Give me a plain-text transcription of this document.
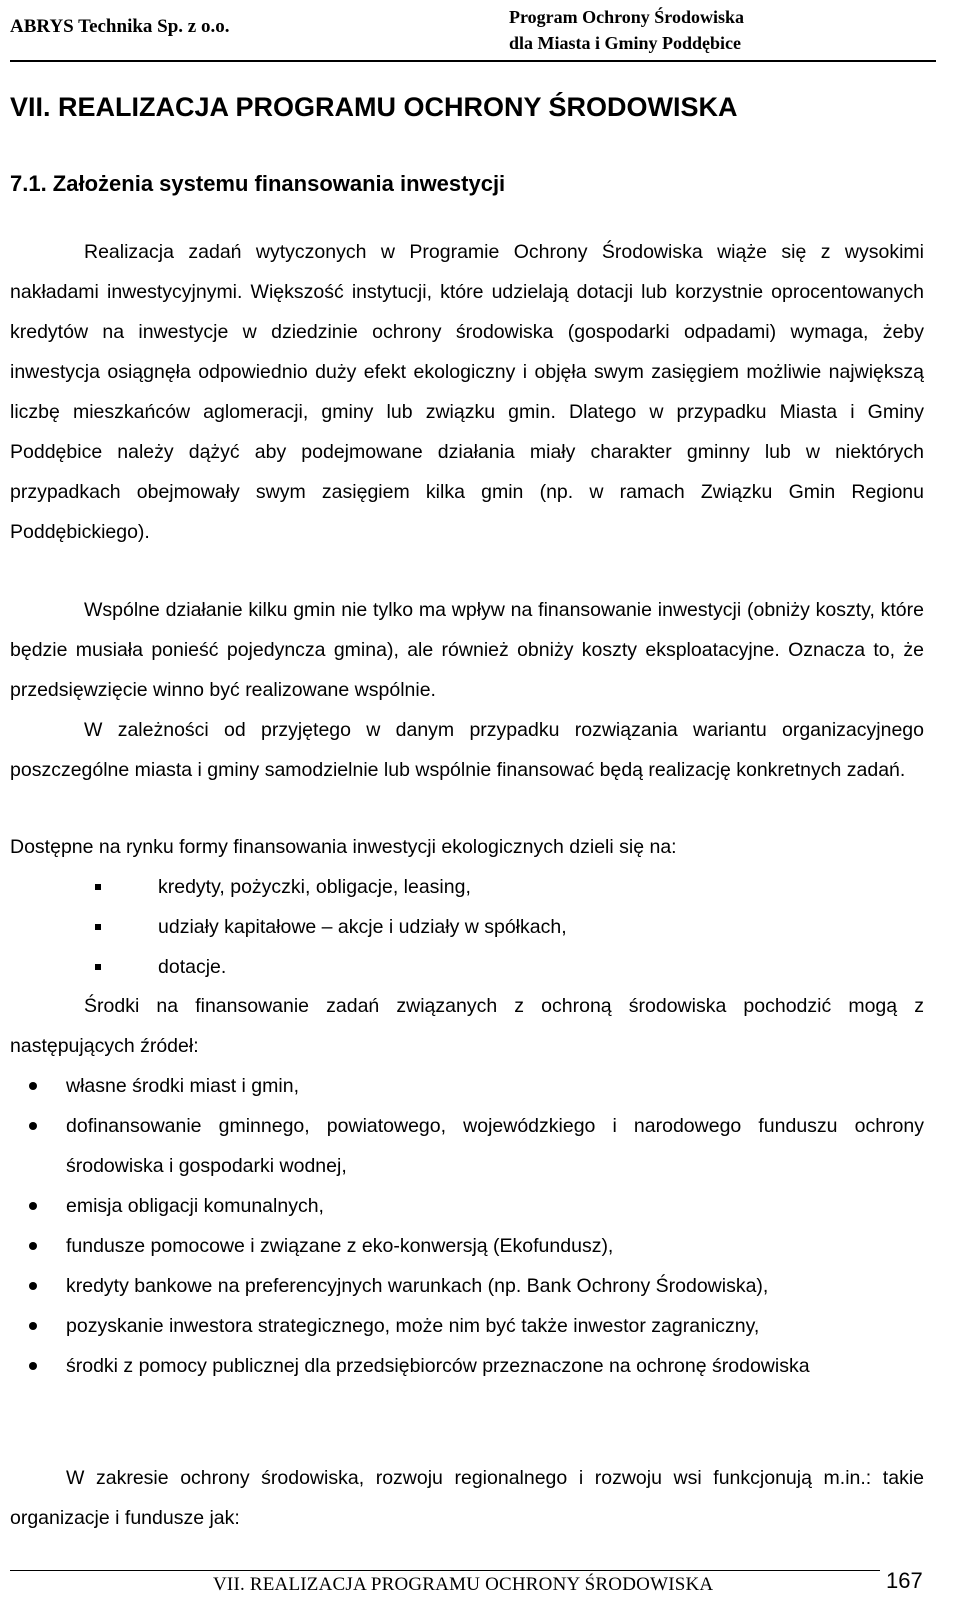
ABRYS Technika Sp. z o.o.	Program Ochrony Środowiska
dla Miasta i Gminy Poddębice
VII. REALIZACJA PROGRAMU OCHRONY ŚRODOWISKA
7.1. Założenia systemu finansowania inwestycji

Realizacja zadań wytyczonych w Programie Ochrony Środowiska wiąże się z wysokimi nakładami inwestycyjnymi. Większość instytucji, które udzielają dotacji lub korzystnie oprocentowanych kredytów na inwestycje w dziedzinie ochrony środowiska (gospodarki odpadami) wymaga, żeby inwestycja osiągnęła odpowiednio duży efekt ekologiczny i objęła swym zasięgiem możliwie największą liczbę mieszkańców aglomeracji, gminy lub związku gmin. Dlatego w przypadku Miasta i Gminy Poddębice należy dążyć aby podejmowane działania miały charakter gminny lub w niektórych przypadkach obejmowały swym zasięgiem kilka gmin (np. w ramach Związku Gmin Regionu Poddębickiego).

Wspólne działanie kilku gmin nie tylko ma wpływ na finansowanie inwestycji (obniży koszty, które będzie musiała ponieść pojedyncza gmina), ale również obniży koszty eksploatacyjne. Oznacza to, że przedsięwzięcie winno być realizowane wspólnie.

W zależności od przyjętego w danym przypadku rozwiązania wariantu organizacyjnego poszczególne miasta i gminy samodzielnie lub wspólnie finansować będą realizację konkretnych zadań.

Dostępne na rynku formy finansowania inwestycji ekologicznych dzieli się na:

kredyty, pożyczki, obligacje, leasing,
udziały kapitałowe – akcje i udziały w spółkach,
dotacje.

Środki na finansowanie zadań związanych z ochroną środowiska pochodzić mogą z następujących źródeł:

własne środki miast i gmin,
dofinansowanie gminnego, powiatowego, wojewódzkiego i narodowego funduszu ochrony środowiska i gospodarki wodnej,
emisja obligacji komunalnych,
fundusze pomocowe i związane z eko-konwersją (Ekofundusz),
kredyty bankowe na preferencyjnych warunkach (np. Bank Ochrony Środowiska),
pozyskanie inwestora strategicznego, może nim być także inwestor zagraniczny,
środki z pomocy publicznej dla przedsiębiorców przeznaczone na ochronę środowiska

W zakresie ochrony środowiska, rozwoju regionalnego i rozwoju wsi funkcjonują m.in.: takie organizacje i fundusze jak:

VII. REALIZACJA PROGRAMU OCHRONY ŚRODOWISKA	167
